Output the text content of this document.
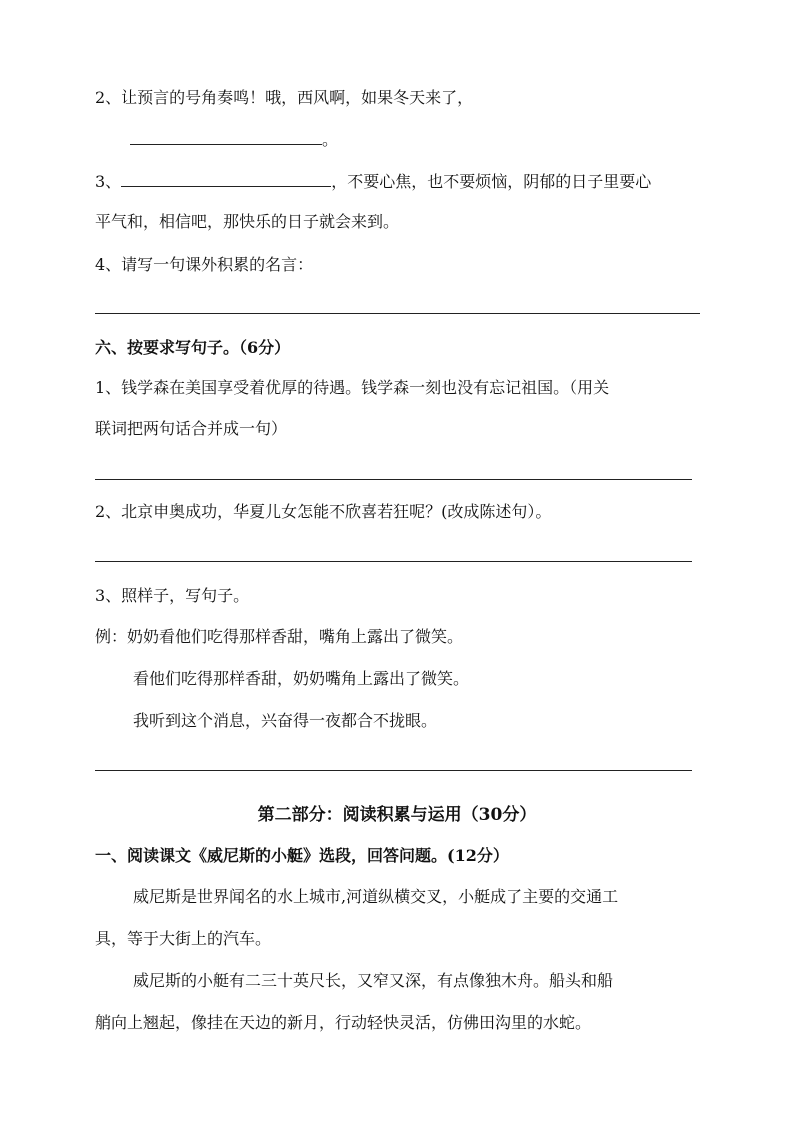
2、让预言的号角奏鸣！哦，西风啊，如果冬天来了，
。
3、	，不要心焦，也不要烦恼，阴郁的日子里要心
平气和，相信吧，那快乐的日子就会来到。
4、请写一句课外积累的名言：
六、按要求写句子。（6分）
1、钱学森在美国享受着优厚的待遇。钱学森一刻也没有忘记祖国。（用关
联词把两句话合并成一句）
2、北京申奥成功，华夏儿女怎能不欣喜若狂呢？(改成陈述句）。
3、照样子，写句子。
例：奶奶看他们吃得那样香甜，嘴角上露出了微笑。
看他们吃得那样香甜，奶奶嘴角上露出了微笑。
我听到这个消息，兴奋得一夜都合不拢眼。
第二部分：阅读积累与运用（30分）
一、阅读课文《威尼斯的小艇》选段，回答问题。(12分）
威尼斯是世界闻名的水上城市,河道纵横交叉，小艇成了主要的交通工
具，等于大街上的汽车。
威尼斯的小艇有二三十英尺长，又窄又深，有点像独木舟。船头和船
艄向上翘起，像挂在天边的新月，行动轻快灵活，仿佛田沟里的水蛇。
